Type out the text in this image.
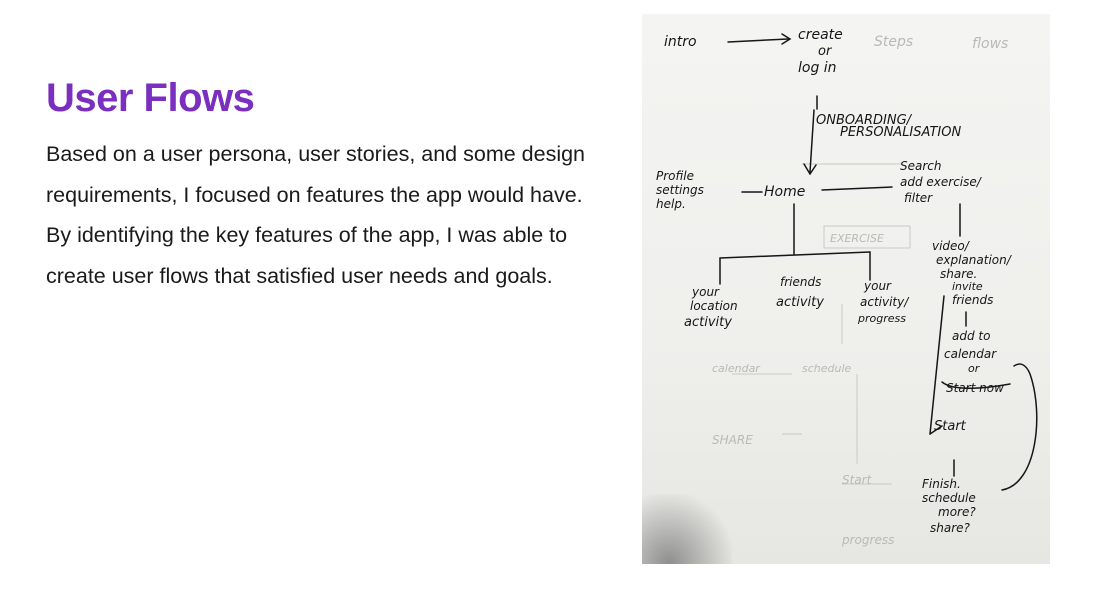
User Flows

Based on a user persona, user stories, and some design requirements, I focused on features the app would have. By identifying the key features of the app, I was able to create user flows that satisfied user needs and goals.

Steps	flows
EXERCISE
SHARE
Start
progress
calendar	schedule
intro	create
or
log in
ONBOARDING/
PERSONALISATION
Profile
settings
help.
Home
Search
add exercise/
filter
your
location
activity
friends
activity
your
activity/
progress
video/
explanation/
share.
invite
friends
add to
calendar
or
Start now
Start
Finish.
schedule
more?
share?
